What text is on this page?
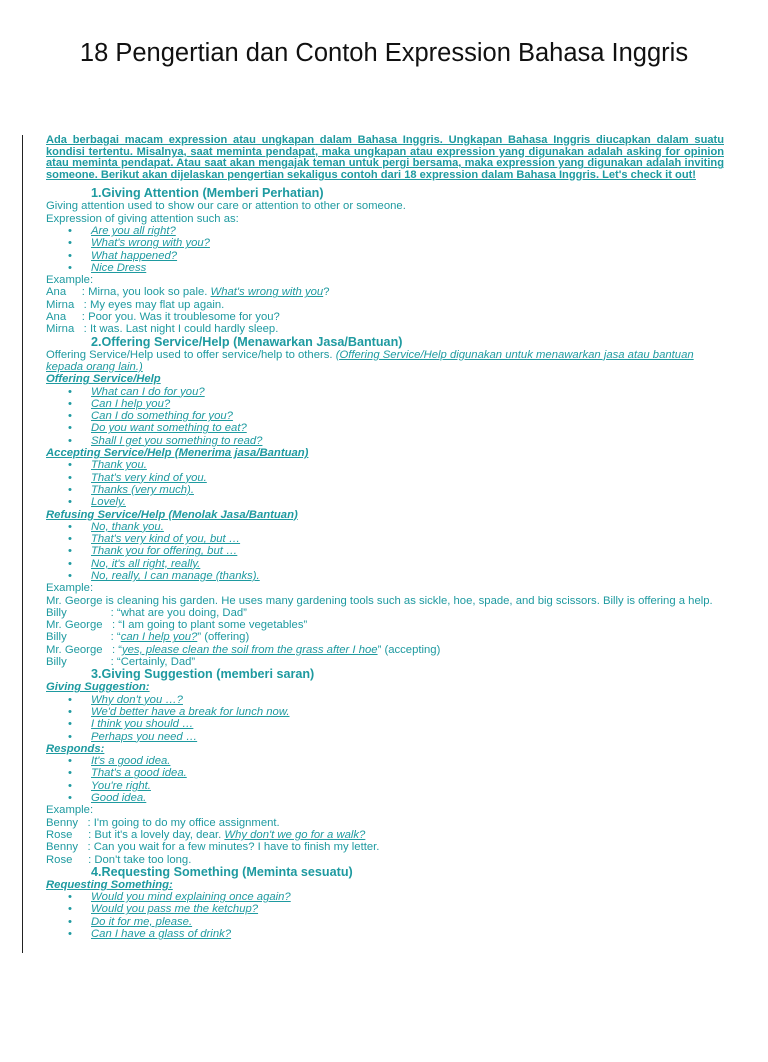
18 Pengertian dan Contoh Expression Bahasa Inggris

Ada berbagai macam expression atau ungkapan dalam Bahasa Inggris. Ungkapan Bahasa Inggris diucapkan dalam suatu kondisi tertentu. Misalnya, saat meminta pendapat, maka ungkapan atau expression yang digunakan adalah asking for opinion atau meminta pendapat. Atau saat akan mengajak teman untuk pergi bersama, maka expression yang digunakan adalah inviting someone. Berikut akan dijelaskan pengertian sekaligus contoh dari 18 expression dalam Bahasa Inggris. Let's check it out!

1.Giving Attention (Memberi Perhatian)
Giving attention used to show our care or attention to other or someone.
Expression of giving attention such as:
• Are you all right?
• What's wrong with you?
• What happened?
• Nice Dress
Example:
Ana     : Mirna, you look so pale. What's wrong with you?
Mirna   : My eyes may flat up again.
Ana     : Poor you. Was it troublesome for you?
Mirna   : It was. Last night I could hardly sleep.
2.Offering Service/Help (Menawarkan Jasa/Bantuan)
Offering Service/Help used to offer service/help to others. (Offering Service/Help digunakan untuk menawarkan jasa atau bantuan kepada orang lain.)
Offering Service/Help
• What can I do for you?
• Can I help you?
• Can I do something for you?
• Do you want something to eat?
• Shall I get you something to read?
Accepting Service/Help (Menerima jasa/Bantuan)
• Thank you.
• That's very kind of you.
• Thanks (very much).
• Lovely.
Refusing Service/Help (Menolak Jasa/Bantuan)
• No, thank you.
• That's very kind of you, but …
• Thank you for offering, but …
• No, it's all right, really.
• No, really, I can manage (thanks).
Example:
Mr. George is cleaning his garden. He uses many gardening tools such as sickle, hoe, spade, and big scissors. Billy is offering a help.
Billy              : “what are you doing, Dad”
Mr. George   : “I am going to plant some vegetables”
Billy              : “can I help you?” (offering)
Mr. George   : “yes, please clean the soil from the grass after I hoe” (accepting)
Billy              : “Certainly, Dad”
3.Giving Suggestion (memberi saran)
Giving Suggestion:
• Why don't you …?
• We'd better have a break for lunch now.
• I think you should …
• Perhaps you need …
Responds:
• It's a good idea.
• That's a good idea.
• You're right.
• Good idea.
Example:
Benny   : I'm going to do my office assignment.
Rose     : But it's a lovely day, dear. Why don't we go for a walk?
Benny   : Can you wait for a few minutes? I have to finish my letter.
Rose     : Don't take too long.
4.Requesting Something (Meminta sesuatu)
Requesting Something:
• Would you mind explaining once again?
• Would you pass me the ketchup?
• Do it for me, please.
• Can I have a glass of drink?
